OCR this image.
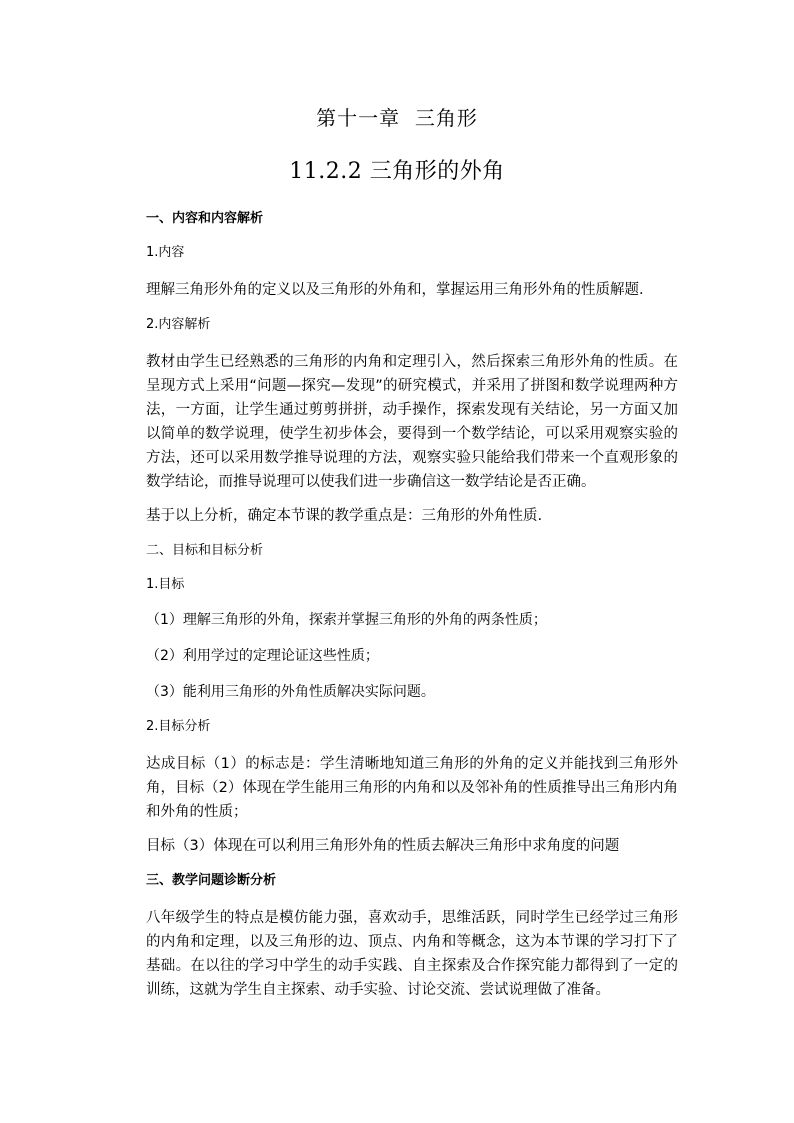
第十一章  三角形
11.2.2 三角形的外角
一、内容和内容解析
1.内容
理解三角形外角的定义以及三角形的外角和，掌握运用三角形外角的性质解题．
2.内容解析
教材由学生已经熟悉的三角形的内角和定理引入，然后探索三角形外角的性质。在呈现方式上采用“问题—探究—发现”的研究模式，并采用了拼图和数学说理两种方法，一方面，让学生通过剪剪拼拼，动手操作，探索发现有关结论，另一方面又加以简单的数学说理，使学生初步体会，要得到一个数学结论，可以采用观察实验的方法，还可以采用数学推导说理的方法，观察实验只能给我们带来一个直观形象的数学结论，而推导说理可以使我们进一步确信这一数学结论是否正确。
基于以上分析，确定本节课的教学重点是：三角形的外角性质.
二、目标和目标分析
1.目标
（1）理解三角形的外角，探索并掌握三角形的外角的两条性质；
（2）利用学过的定理论证这些性质；
（3）能利用三角形的外角性质解决实际问题。
2.目标分析
达成目标（1）的标志是：学生清晰地知道三角形的外角的定义并能找到三角形外角，目标（2）体现在学生能用三角形的内角和以及邻补角的性质推导出三角形内角和外角的性质；
目标（3）体现在可以利用三角形外角的性质去解决三角形中求角度的问题
三、教学问题诊断分析
八年级学生的特点是模仿能力强，喜欢动手，思维活跃，同时学生已经学过三角形的内角和定理，以及三角形的边、顶点、内角和等概念，这为本节课的学习打下了基础。在以往的学习中学生的动手实践、自主探索及合作探究能力都得到了一定的训练，这就为学生自主探索、动手实验、讨论交流、尝试说理做了准备。
